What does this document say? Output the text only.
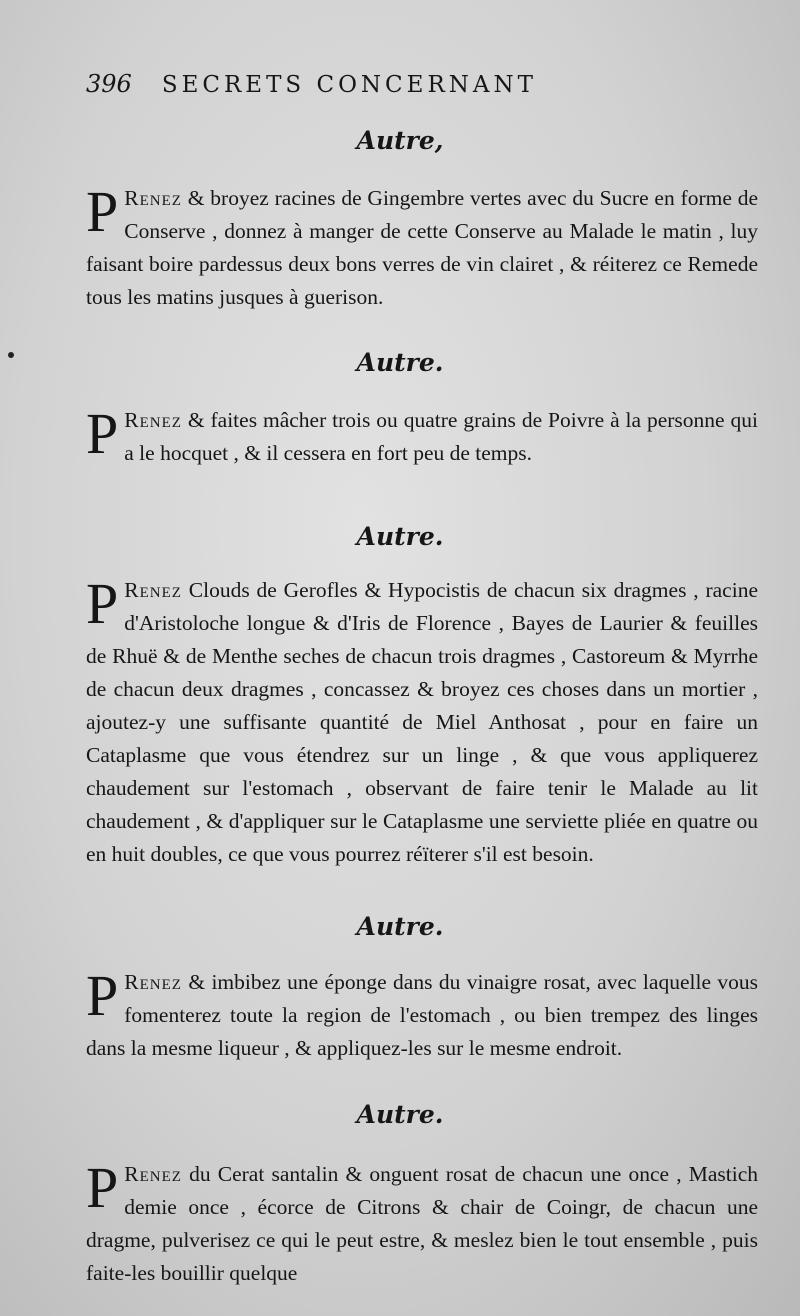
396 SECRETS CONCERNANT
Autre,
P Renez & broyez racines de Gingembre vertes avec du Sucre en forme de Conserve , donnez à manger de cette Conserve au Malade le matin , luy faisant boire pardessus deux bons verres de vin clairet , & réiterez ce Remede tous les matins jusques à guerison.
Autre.
P Renez & faites mâcher trois ou quatre grains de Poivre à la personne qui a le hocquet , & il cessera en fort peu de temps.
Autre.
P Renez Clouds de Gerofles & Hypocistis de chacun six dragmes , racine d'Aristoloche longue & d'Iris de Florence , Bayes de Laurier & feuilles de Rhuë & de Menthe seches de chacun trois dragmes , Castoreum & Myrrhe de chacun deux dragmes , concassez & broyez ces choses dans un mortier , ajoutez-y une suffisante quantité de Miel Anthosat , pour en faire un Cataplasme que vous étendrez sur un linge , & que vous appliquerez chaudement sur l'estomach , observant de faire tenir le Malade au lit chaudement , & d'appliquer sur le Cataplasme une serviette pliée en quatre ou en huit doubles, ce que vous pourrez réïterer s'il est besoin.
Autre.
P Renez & imbibez une éponge dans du vinaigre rosat, avec laquelle vous fomenterez toute la region de l'estomach , ou bien trempez des linges dans la mesme liqueur , & appliquez-les sur le mesme endroit.
Autre.
P Renez du Cerat santalin & onguent rosat de chacun une once , Mastich demie once , écorce de Citrons & chair de Coingr, de chacun une dragme, pulverisez ce qui le peut estre, & meslez bien le tout ensemble , puis faite-les bouillir quelque
